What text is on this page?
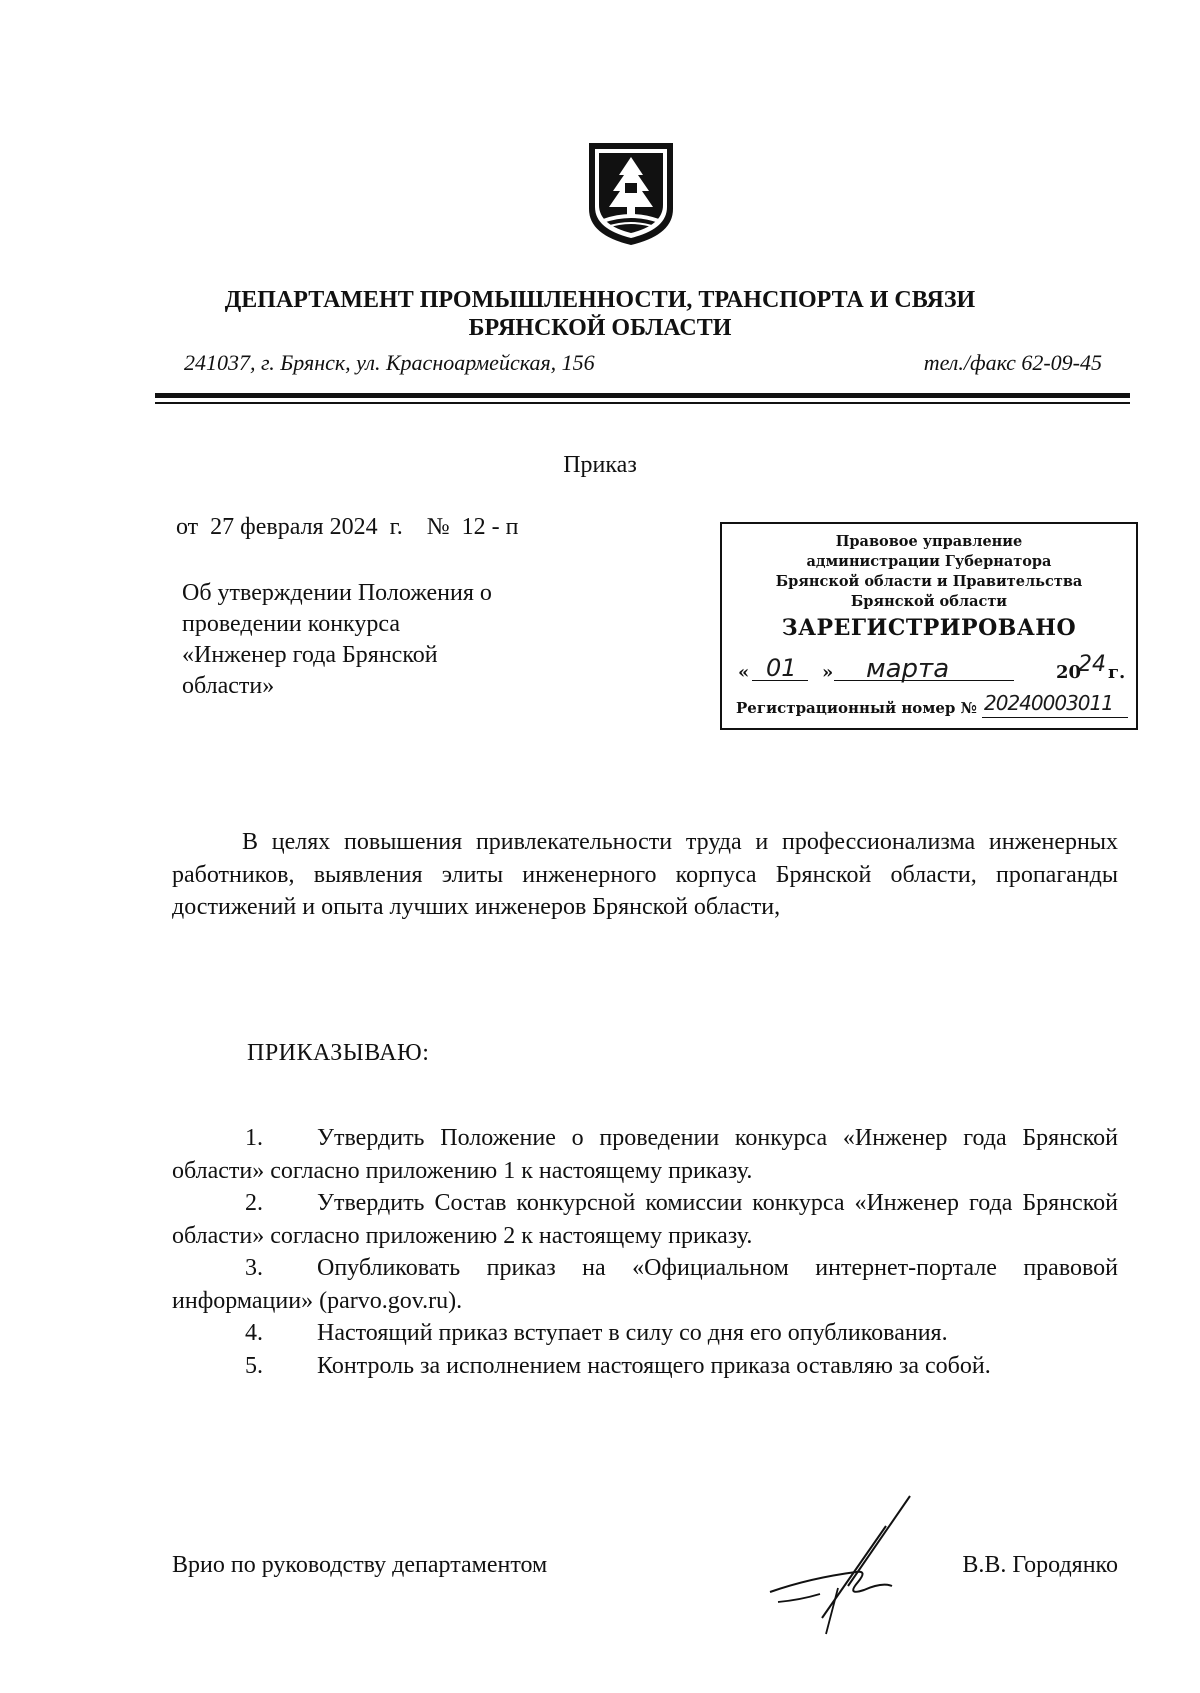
ДЕПАРТАМЕНТ ПРОМЫШЛЕННОСТИ, ТРАНСПОРТА И СВЯЗИ
БРЯНСКОЙ ОБЛАСТИ
241037, г. Брянск, ул. Красноармейская, 156	тел./факс 62-09-45
Приказ
от  27 февраля 2024  г.    №  12 - п
Об утверждении Положения о
проведении конкурса
«Инженер года Брянской
области»
Правовое управление
администрации Губернатора
Брянской области и Правительства
Брянской области
ЗАРЕГИСТРИРОВАНО
« 01 » марта	20
24 г.
Регистрационный номер № 20240003011
В целях повышения привлекательности труда и профессионализма инженерных работников, выявления элиты инженерного корпуса Брянской области, пропаганды достижений и опыта лучших инженеров Брянской области,
ПРИКАЗЫВАЮ:
1. Утвердить Положение о проведении конкурса «Инженер года Брянской области» согласно приложению 1 к настоящему приказу.
2. Утвердить Состав конкурсной комиссии конкурса «Инженер года Брянской области» согласно приложению 2 к настоящему приказу.
3. Опубликовать приказ на «Официальном интернет-портале правовой информации» (parvo.gov.ru).
4. Настоящий приказ вступает в силу со дня его опубликования.
5. Контроль за исполнением настоящего приказа оставляю за собой.
Врио по руководству департаментом	В.В. Городянко
